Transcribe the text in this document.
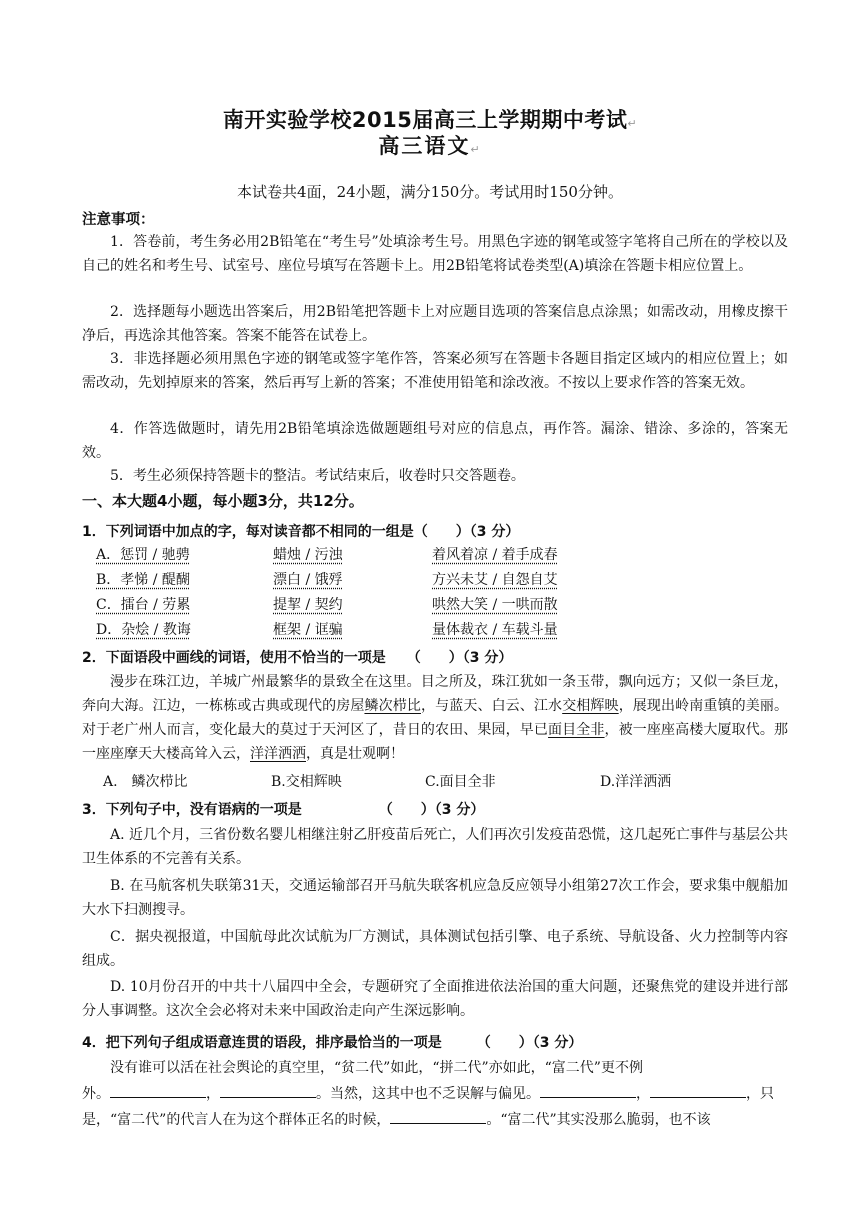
南开实验学校2015届高三上学期期中考试↵
高三语文↵
本试卷共4面，24小题，满分150分。考试用时150分钟。
注意事项：
1．答卷前，考生务必用2B铅笔在“考生号”处填涂考生号。用黑色字迹的钢笔或签字笔将自己所在的学校以及自己的姓名和考生号、试室号、座位号填写在答题卡上。用2B铅笔将试卷类型(A)填涂在答题卡相应位置上。
2．选择题每小题选出答案后，用2B铅笔把答题卡上对应题目选项的答案信息点涂黑；如需改动，用橡皮擦干净后，再选涂其他答案。答案不能答在试卷上。
3．非选择题必须用黑色字迹的钢笔或签字笔作答，答案必须写在答题卡各题目指定区域内的相应位置上；如需改动，先划掉原来的答案，然后再写上新的答案；不准使用铅笔和涂改液。不按以上要求作答的答案无效。
4．作答选做题时，请先用2B铅笔填涂选做题题组号对应的信息点，再作答。漏涂、错涂、多涂的，答案无效。
5．考生必须保持答题卡的整洁。考试结束后，收卷时只交答题卷。
一、本大题4小题，每小题3分，共12分。
1．下列词语中加点的字，每对读音都不相同的一组是（　　）（3 分）
A．惩罚 / 驰骋	蜡烛 / 污浊	着风着凉 / 着手成春
B．孝悌 / 醍醐	漂白 / 饿殍	方兴未艾 / 自怨自艾
C．擂台 / 劳累	提挈 / 契约	哄然大笑 / 一哄而散
D．杂烩 / 教诲	框架 / 诓骗	量体裁衣 / 车载斗量
2．下面语段中画线的词语，使用不恰当的一项是　　（　　）（3 分）
漫步在珠江边，羊城广州最繁华的景致全在这里。目之所及，珠江犹如一条玉带，飘向远方；又似一条巨龙，奔向大海。江边，一栋栋或古典或现代的房屋鳞次栉比，与蓝天、白云、江水交相辉映，展现出岭南重镇的美丽。对于老广州人而言，变化最大的莫过于天河区了，昔日的农田、果园，早已面目全非，被一座座高楼大厦取代。那一座座摩天大楼高耸入云，洋洋洒洒，真是壮观啊！
A.　鳞次栉比	B.交相辉映	C.面目全非	D.洋洋洒洒
3．下列句子中，没有语病的一项是　　　　　　（　　）（3 分）
A. 近几个月，三省份数名婴儿相继注射乙肝疫苗后死亡，人们再次引发疫苗恐慌，这几起死亡事件与基层公共卫生体系的不完善有关系。
B. 在马航客机失联第31天，交通运输部召开马航失联客机应急反应领导小组第27次工作会，要求集中舰船加大水下扫测搜寻。
C．据央视报道，中国航母此次试航为厂方测试，具体测试包括引擎、电子系统、导航设备、火力控制等内容组成。
D. 10月份召开的中共十八届四中全会，专题研究了全面推进依法治国的重大问题，还聚焦党的建设并进行部分人事调整。这次全会必将对未来中国政治走向产生深远影响。
4．把下列句子组成语意连贯的语段，排序最恰当的一项是　　　（　　）（3 分）
没有谁可以活在社会舆论的真空里，“贫二代”如此，“拼二代”亦如此，“富二代”更不例
外。	，	。当然，这其中也不乏误解与偏见。	，	，只
是，“富二代”的代言人在为这个群体正名的时候，	。“富二代”其实没那么脆弱，也不该
